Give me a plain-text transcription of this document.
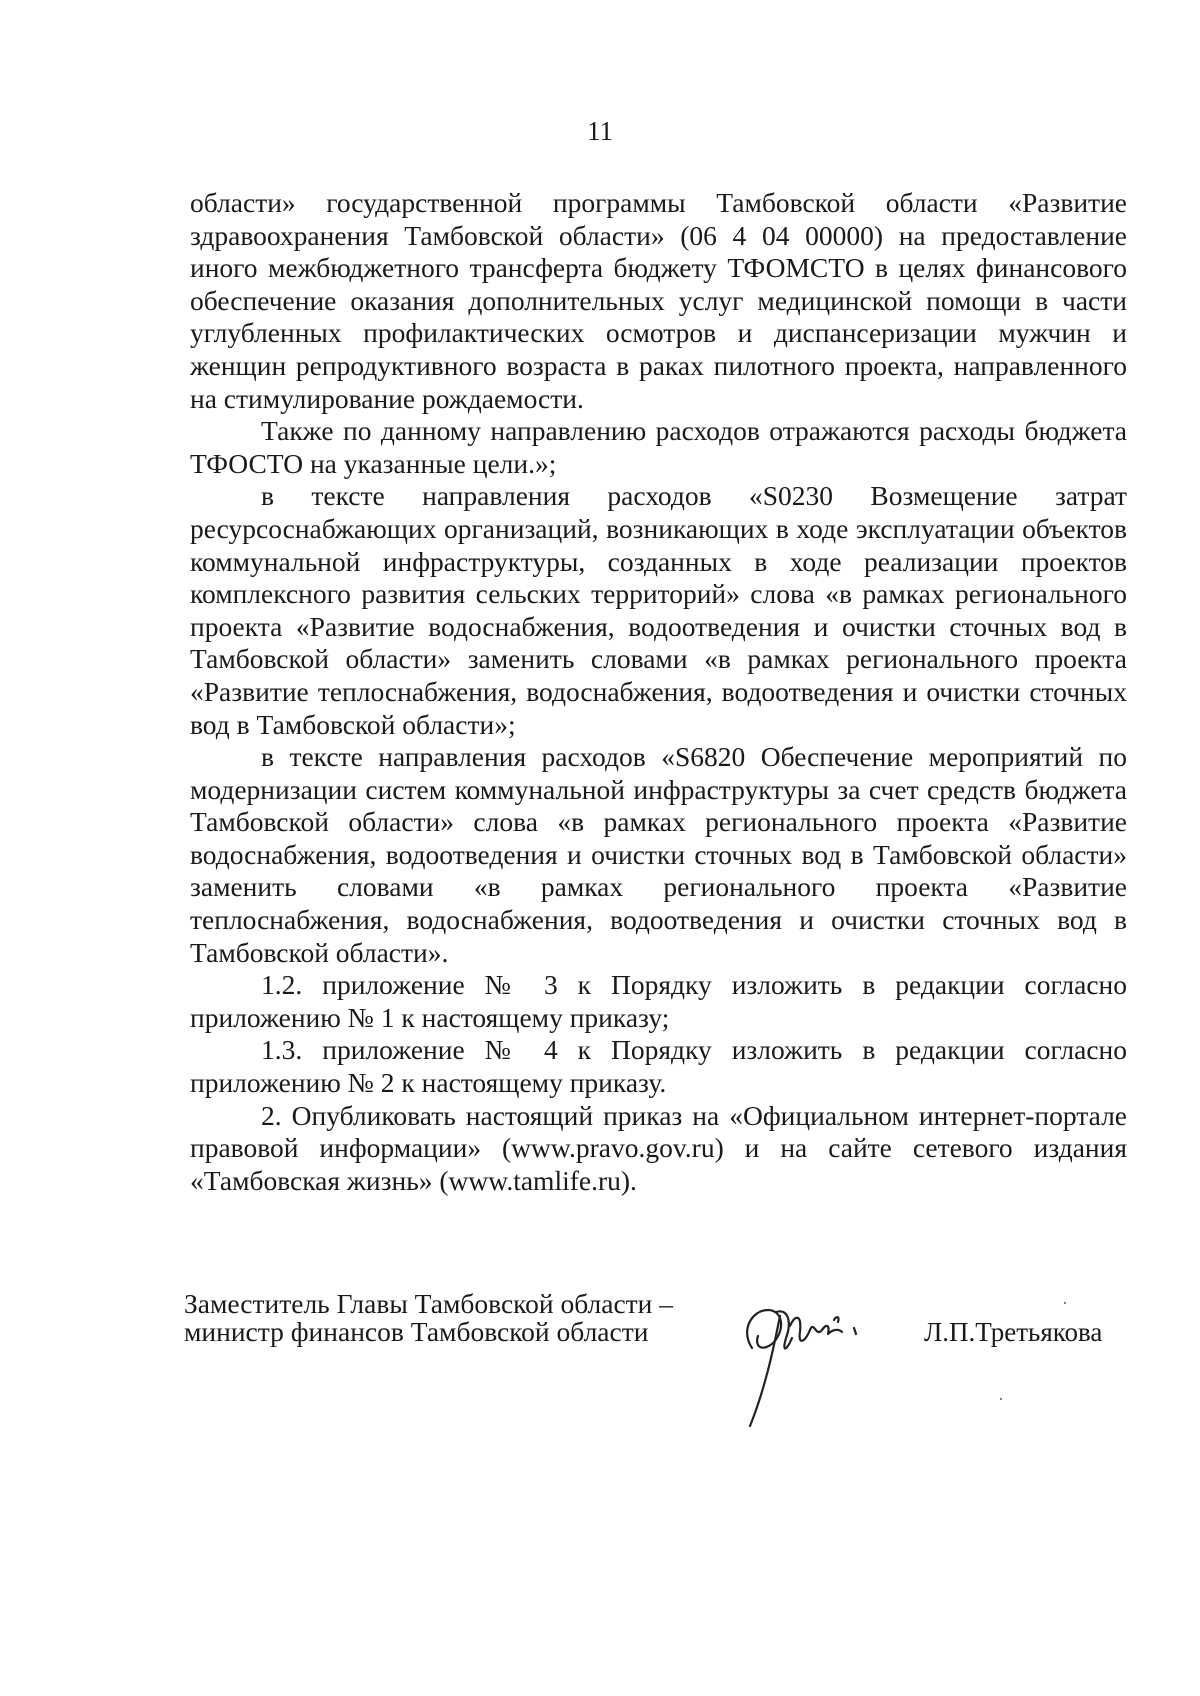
11

области» государственной программы Тамбовской области «Развитие здравоохранения Тамбовской области» (06 4 04 00000) на предоставление иного межбюджетного трансферта бюджету ТФОМСТО в целях финансового обеспечение оказания дополнительных услуг медицинской помощи в части углубленных профилактических осмотров и диспансеризации мужчин и женщин репродуктивного возраста в раках пилотного проекта, направленного на стимулирование рождаемости.

Также по данному направлению расходов отражаются расходы бюджета ТФОСТО на указанные цели.»;

в тексте направления расходов «S0230 Возмещение затрат ресурсоснабжающих организаций, возникающих в ходе эксплуатации объектов коммунальной инфраструктуры, созданных в ходе реализации проектов комплексного развития сельских территорий» слова «в рамках регионального проекта «Развитие водоснабжения, водоотведения и очистки сточных вод в Тамбовской области» заменить словами «в рамках регионального проекта «Развитие теплоснабжения, водоснабжения, водоотведения и очистки сточных вод в Тамбовской области»;

в тексте направления расходов «S6820 Обеспечение мероприятий по модернизации систем коммунальной инфраструктуры за счет средств бюджета Тамбовской области» слова «в рамках регионального проекта «Развитие водоснабжения, водоотведения и очистки сточных вод в Тамбовской области» заменить словами «в рамках регионального проекта «Развитие теплоснабжения, водоснабжения, водоотведения и очистки сточных вод в Тамбовской области».

1.2. приложение № 3 к Порядку изложить в редакции согласно приложению № 1 к настоящему приказу;

1.3. приложение № 4 к Порядку изложить в редакции согласно приложению № 2 к настоящему приказу.

2. Опубликовать настоящий приказ на «Официальном интернет-портале правовой информации» (www.pravo.gov.ru) и на сайте сетевого издания «Тамбовская жизнь» (www.tamlife.ru).

Заместитель Главы Тамбовской области –
министр финансов Тамбовской области	Л.П.Третьякова
